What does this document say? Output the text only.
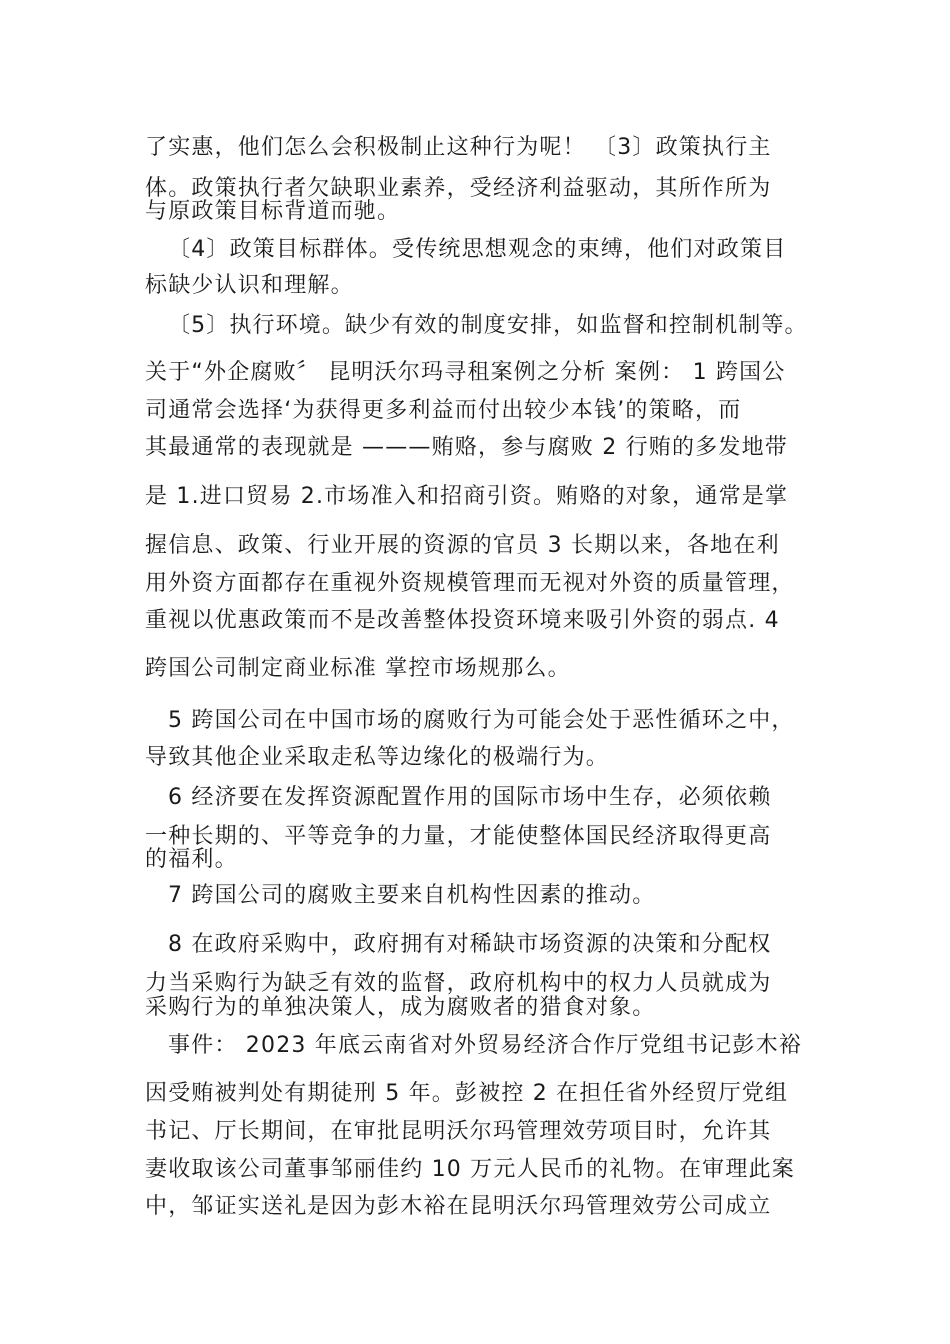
了实惠，他们怎么会积极制止这种行为呢！ 〔3〕政策执行主
体。政策执行者欠缺职业素养，受经济利益驱动，其所作所为
与原政策目标背道而驰。
〔4〕政策目标群体。受传统思想观念的束缚，他们对政策目
标缺少认识和理解。
〔5〕执行环境。缺少有效的制度安排，如监督和控制机制等。
关于“外企腐败〞 昆明沃尔玛寻租案例之分析 案例： 1 跨国公
司通常会选择‘为获得更多利益而付出较少本钱’的策略，而
其最通常的表现就是 ———贿赂，参与腐败 2 行贿的多发地带
是 1.进口贸易 2.市场准入和招商引资。贿赂的对象，通常是掌
握信息、政策、行业开展的资源的官员 3 长期以来，各地在利
用外资方面都存在重视外资规模管理而无视对外资的质量管理，
重视以优惠政策而不是改善整体投资环境来吸引外资的弱点. 4
跨国公司制定商业标准 掌控市场规那么。
5 跨国公司在中国市场的腐败行为可能会处于恶性循环之中，
导致其他企业采取走私等边缘化的极端行为。
6 经济要在发挥资源配置作用的国际市场中生存，必须依赖
一种长期的、平等竞争的力量，才能使整体国民经济取得更高
的福利。
7 跨国公司的腐败主要来自机构性因素的推动。
8 在政府采购中，政府拥有对稀缺市场资源的决策和分配权
力当采购行为缺乏有效的监督，政府机构中的权力人员就成为
采购行为的单独决策人，成为腐败者的猎食对象。
事件： 2023 年底云南省对外贸易经济合作厅党组书记彭木裕
因受贿被判处有期徒刑 5 年。彭被控 2 在担任省外经贸厅党组
书记、厅长期间，在审批昆明沃尔玛管理效劳项目时，允许其
妻收取该公司董事邹丽佳约 10 万元人民币的礼物。在审理此案
中，邹证实送礼是因为彭木裕在昆明沃尔玛管理效劳公司成立
